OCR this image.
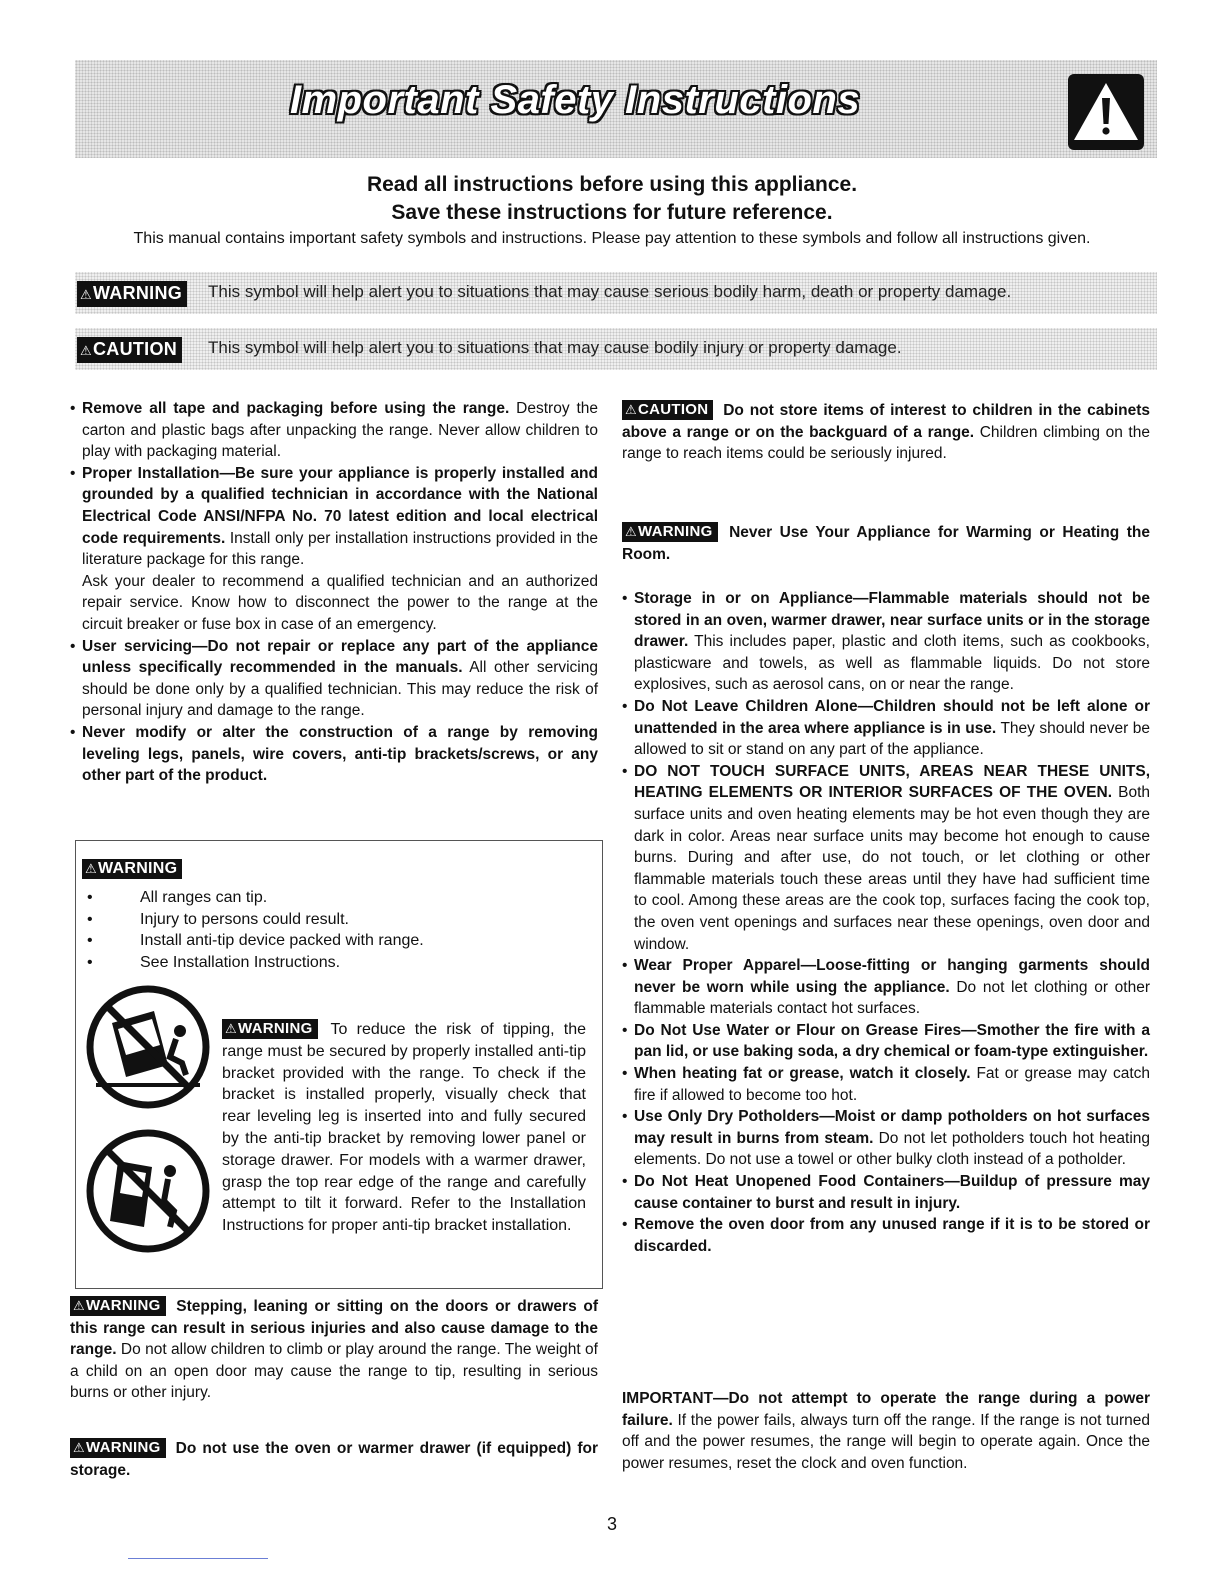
Important Safety Instructions
Read all instructions before using this appliance.
Save these instructions for future reference.
This manual contains important safety symbols and instructions. Please pay attention to these symbols and follow all instructions given.
⚠WARNING This symbol will help alert you to situations that may cause serious bodily harm, death or property damage.
⚠CAUTION This symbol will help alert you to situations that may cause bodily injury or property damage.
• Remove all tape and packaging before using the range. Destroy the carton and plastic bags after unpacking the range. Never allow children to play with packaging material.
• Proper Installation—Be sure your appliance is properly installed and grounded by a qualified technician in accordance with the National Electrical Code ANSI/NFPA No. 70 latest edition and local electrical code requirements. Install only per installation instructions provided in the literature package for this range.
Ask your dealer to recommend a qualified technician and an authorized repair service. Know how to disconnect the power to the range at the circuit breaker or fuse box in case of an emergency.
• User servicing—Do not repair or replace any part of the appliance unless specifically recommended in the manuals. All other servicing should be done only by a qualified technician. This may reduce the risk of personal injury and damage to the range.
• Never modify or alter the construction of a range by removing leveling legs, panels, wire covers, anti-tip brackets/screws, or any other part of the product.
⚠WARNING
• All ranges can tip.
• Injury to persons could result.
• Install anti-tip device packed with range.
• See Installation Instructions.
⚠WARNING To reduce the risk of tipping, the range must be secured by properly installed anti-tip bracket provided with the range. To check if the bracket is installed properly, visually check that rear leveling leg is inserted into and fully secured by the anti-tip bracket by removing lower panel or storage drawer. For models with a warmer drawer, grasp the top rear edge of the range and carefully attempt to tilt it forward. Refer to the Installation Instructions for proper anti-tip bracket installation.
⚠WARNING Stepping, leaning or sitting on the doors or drawers of this range can result in serious injuries and also cause damage to the range. Do not allow children to climb or play around the range. The weight of a child on an open door may cause the range to tip, resulting in serious burns or other injury.
⚠WARNING Do not use the oven or warmer drawer (if equipped) for storage.
⚠CAUTION Do not store items of interest to children in the cabinets above a range or on the backguard of a range. Children climbing on the range to reach items could be seriously injured.
⚠WARNING Never Use Your Appliance for Warming or Heating the Room.
• Storage in or on Appliance—Flammable materials should not be stored in an oven, warmer drawer, near surface units or in the storage drawer. This includes paper, plastic and cloth items, such as cookbooks, plasticware and towels, as well as flammable liquids. Do not store explosives, such as aerosol cans, on or near the range.
• Do Not Leave Children Alone—Children should not be left alone or unattended in the area where appliance is in use. They should never be allowed to sit or stand on any part of the appliance.
• DO NOT TOUCH SURFACE UNITS, AREAS NEAR THESE UNITS, HEATING ELEMENTS OR INTERIOR SURFACES OF THE OVEN. Both surface units and oven heating elements may be hot even though they are dark in color. Areas near surface units may become hot enough to cause burns. During and after use, do not touch, or let clothing or other flammable materials touch these areas until they have had sufficient time to cool. Among these areas are the cook top, surfaces facing the cook top, the oven vent openings and surfaces near these openings, oven door and window.
• Wear Proper Apparel—Loose-fitting or hanging garments should never be worn while using the appliance. Do not let clothing or other flammable materials contact hot surfaces.
• Do Not Use Water or Flour on Grease Fires—Smother the fire with a pan lid, or use baking soda, a dry chemical or foam-type extinguisher.
• When heating fat or grease, watch it closely. Fat or grease may catch fire if allowed to become too hot.
• Use Only Dry Potholders—Moist or damp potholders on hot surfaces may result in burns from steam. Do not let potholders touch hot heating elements. Do not use a towel or other bulky cloth instead of a potholder.
• Do Not Heat Unopened Food Containers—Buildup of pressure may cause container to burst and result in injury.
• Remove the oven door from any unused range if it is to be stored or discarded.
IMPORTANT—Do not attempt to operate the range during a power failure. If the power fails, always turn off the range. If the range is not turned off and the power resumes, the range will begin to operate again. Once the power resumes, reset the clock and oven function.
3
